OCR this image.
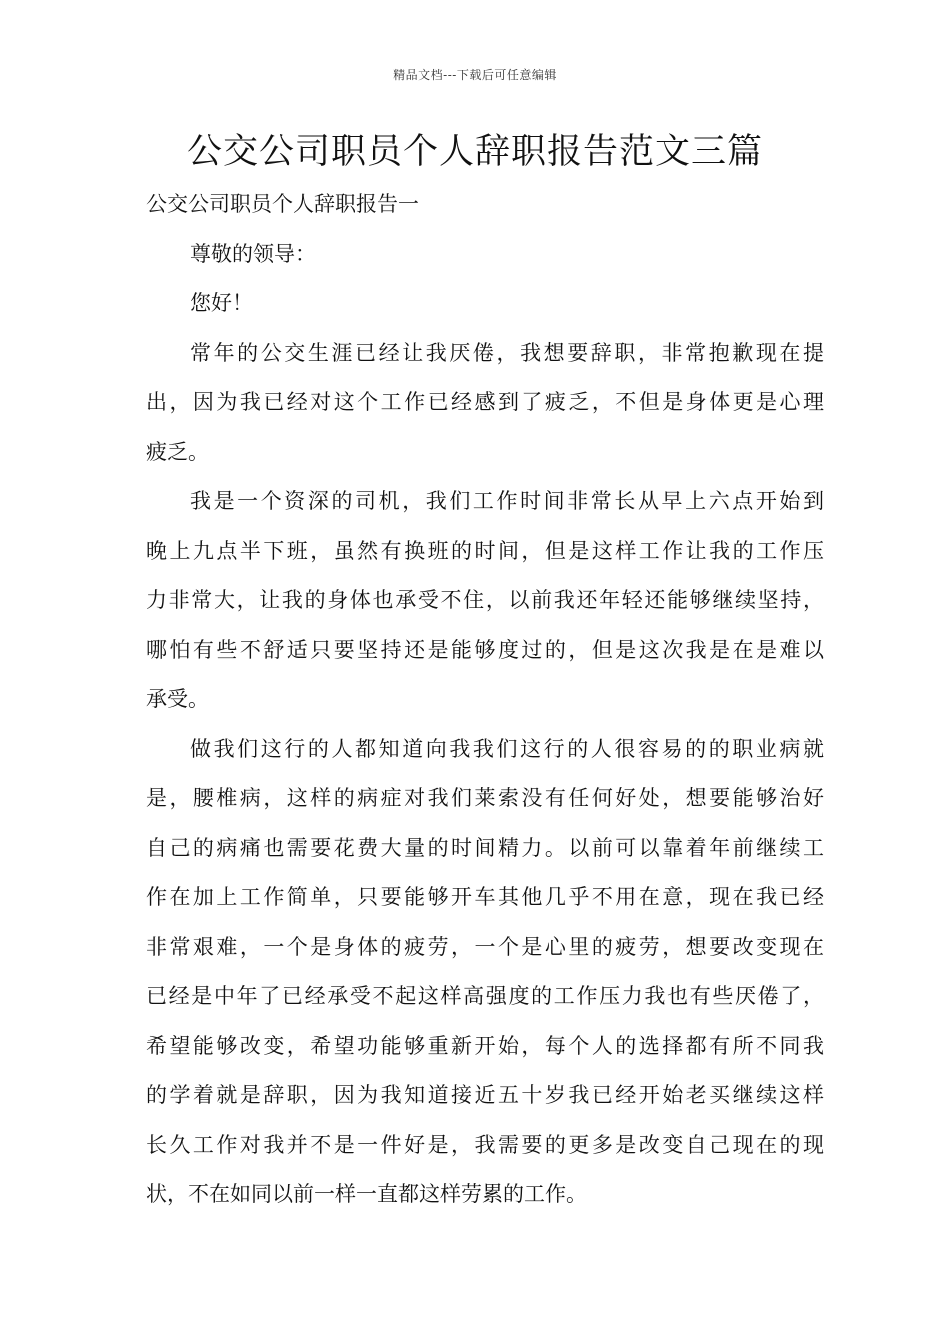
精品文档---下载后可任意编辑
公交公司职员个人辞职报告范文三篇
公交公司职员个人辞职报告一
尊敬的领导：
您好！
常年的公交生涯已经让我厌倦，我想要辞职，非常抱歉现在提
出，因为我已经对这个工作已经感到了疲乏，不但是身体更是心理
疲乏。
我是一个资深的司机，我们工作时间非常长从早上六点开始到
晚上九点半下班，虽然有换班的时间，但是这样工作让我的工作压
力非常大，让我的身体也承受不住，以前我还年轻还能够继续坚持，
哪怕有些不舒适只要坚持还是能够度过的，但是这次我是在是难以
承受。
做我们这行的人都知道向我我们这行的人很容易的的职业病就
是，腰椎病，这样的病症对我们莱索没有任何好处，想要能够治好
自己的病痛也需要花费大量的时间精力。以前可以靠着年前继续工
作在加上工作简单，只要能够开车其他几乎不用在意，现在我已经
非常艰难，一个是身体的疲劳，一个是心里的疲劳，想要改变现在
已经是中年了已经承受不起这样高强度的工作压力我也有些厌倦了，
希望能够改变，希望功能够重新开始，每个人的选择都有所不同我
的学着就是辞职，因为我知道接近五十岁我已经开始老买继续这样
长久工作对我并不是一件好是，我需要的更多是改变自己现在的现
状，不在如同以前一样一直都这样劳累的工作。
